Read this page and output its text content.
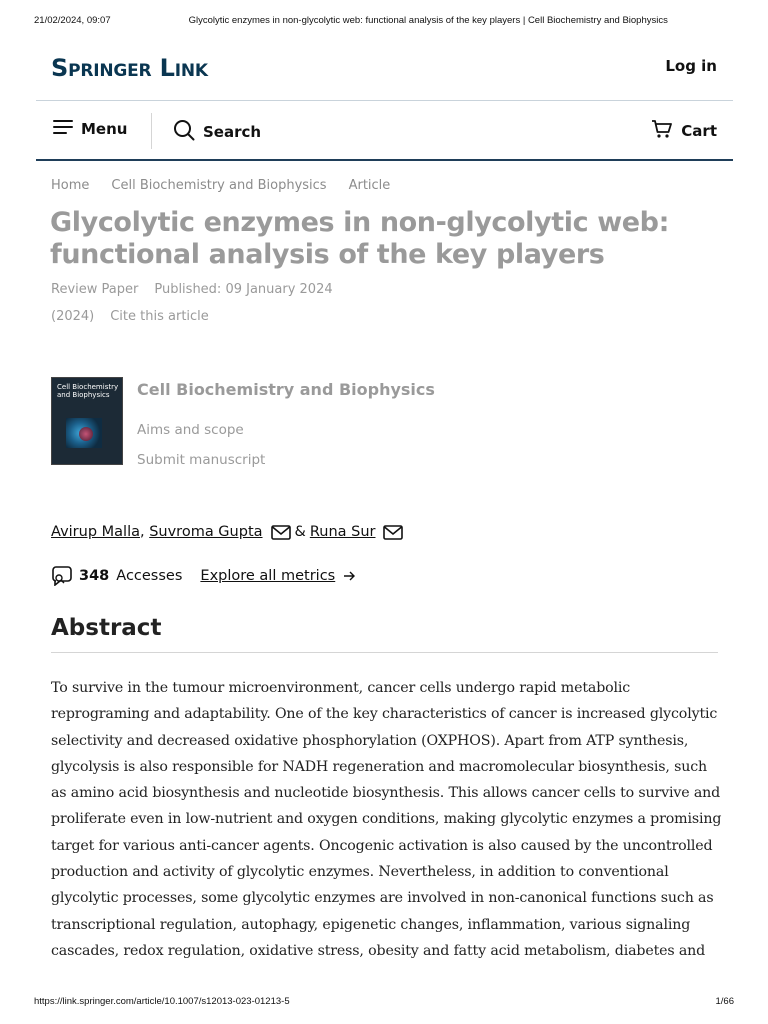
21/02/2024, 09:07	Glycolytic enzymes in non-glycolytic web: functional analysis of the key players | Cell Biochemistry and Biophysics
Springer Link	Log in
Menu	Search	Cart
Home Cell Biochemistry and Biophysics Article
Glycolytic enzymes in non-glycolytic web: functional analysis of the key players
Review Paper Published: 09 January 2024
(2024) Cite this article
Cell Biochemistry and Biophysics	Cell Biochemistry and Biophysics
Aims and scope
Submit manuscript
Avirup Malla , Suvroma Gupta & Runa Sur
348 Accesses Explore all metrics
Abstract

To survive in the tumour microenvironment, cancer cells undergo rapid metabolic reprograming and adaptability. One of the key characteristics of cancer is increased glycolytic selectivity and decreased oxidative phosphorylation (OXPHOS). Apart from ATP synthesis, glycolysis is also responsible for NADH regeneration and macromolecular biosynthesis, such as amino acid biosynthesis and nucleotide biosynthesis. This allows cancer cells to survive and proliferate even in low-nutrient and oxygen conditions, making glycolytic enzymes a promising target for various anti-cancer agents. Oncogenic activation is also caused by the uncontrolled production and activity of glycolytic enzymes. Nevertheless, in addition to conventional glycolytic processes, some glycolytic enzymes are involved in non-canonical functions such as transcriptional regulation, autophagy, epigenetic changes, inflammation, various signaling cascades, redox regulation, oxidative stress, obesity and fatty acid metabolism, diabetes and

https://link.springer.com/article/10.1007/s12013-023-01213-5	1/66
